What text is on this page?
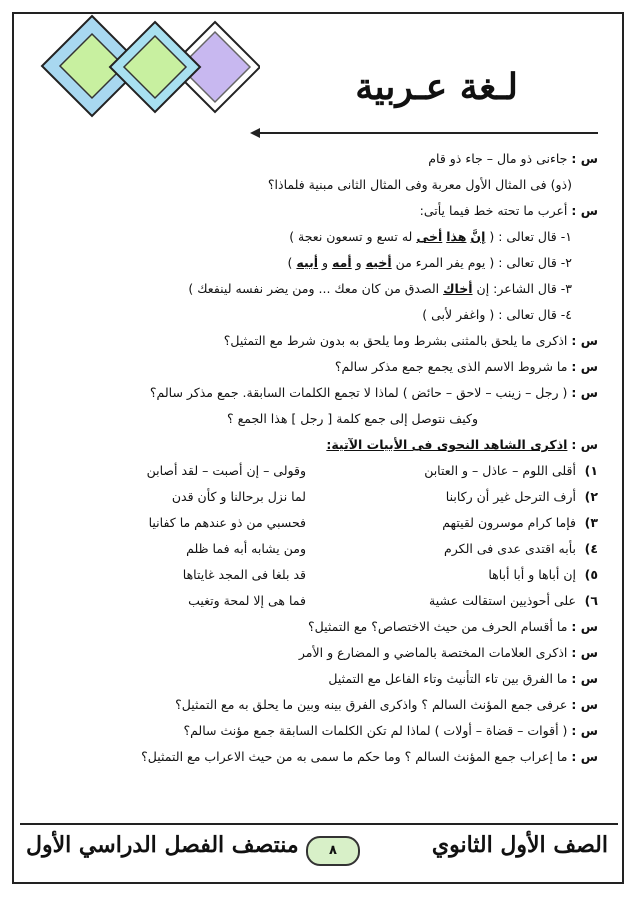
لـغة عـربية
س : جاءنى ذو مال – جاء ذو قام
(ذو) فى المثال الأول معربة وفى المثال الثانى مبنية فلماذا؟
س : أعرب ما تحته خط فيما يأتى:
١- قال تعالى : ( إنَّ هذا أخى له تسع و تسعون نعجة )
٢- قال تعالى : ( يوم يفر المرء من أخيه و أمه و أبيه )
٣- قال الشاعر: إن أخاك الصدق من كان معك ... ومن يضر نفسه لينفعك )
٤- قال تعالى : ( واغفر لأبى )
س : اذكرى ما يلحق بالمثنى بشرط وما يلحق به بدون شرط مع التمثيل؟
س : ما شروط الاسم الذى يجمع جمع مذكر سالم؟
س : ( رجل – زينب – لاحق – حائض ) لماذا لا تجمع الكلمات السابقة. جمع مذكر سالم؟
وكيف نتوصل إلى جمع كلمة [ رجل ] هذا الجمع ؟
س : اذكرى الشاهد النحوى فى الأبيات الآتية:
١)
أقلى اللوم – عاذل – و العتابن
وقولى – إن أصبت – لقد أصابن
٢)
أرف الترحل غير أن ركابنا
لما نزل برحالنا و كأن قدن
٣)
فإما كرام موسرون لقيتهم
فحسبي من ذو عندهم ما كفانيا
٤)
بأبه اقتدى عدى فى الكرم
ومن يشابه أبه فما ظلم
٥)
إن أباها و أبا أباها
قد بلغا فى المجد غايتاها
٦)
على أحوذيين استقالت عشية
فما هى إلا لمحة وتغيب
س : ما أقسام الحرف من حيث الاختصاص؟ مع التمثيل؟
س : اذكرى العلامات المختصة بالماضي و المضارع و الأمر
س : ما الفرق بين تاء التأنيث وتاء الفاعل مع التمثيل
س : عرفى جمع المؤنث السالم ؟ واذكرى الفرق بينه وبين ما يحلق به مع التمثيل؟
س : ( أقوات – قضاة – أولات ) لماذا لم تكن الكلمات السابقة جمع مؤنث سالم؟
س : ما إعراب جمع المؤنث السالم ؟ وما حكم ما سمى به من حيث الاعراب مع التمثيل؟
الصف الأول الثانوي
٨
منتصف الفصل الدراسي الأول
